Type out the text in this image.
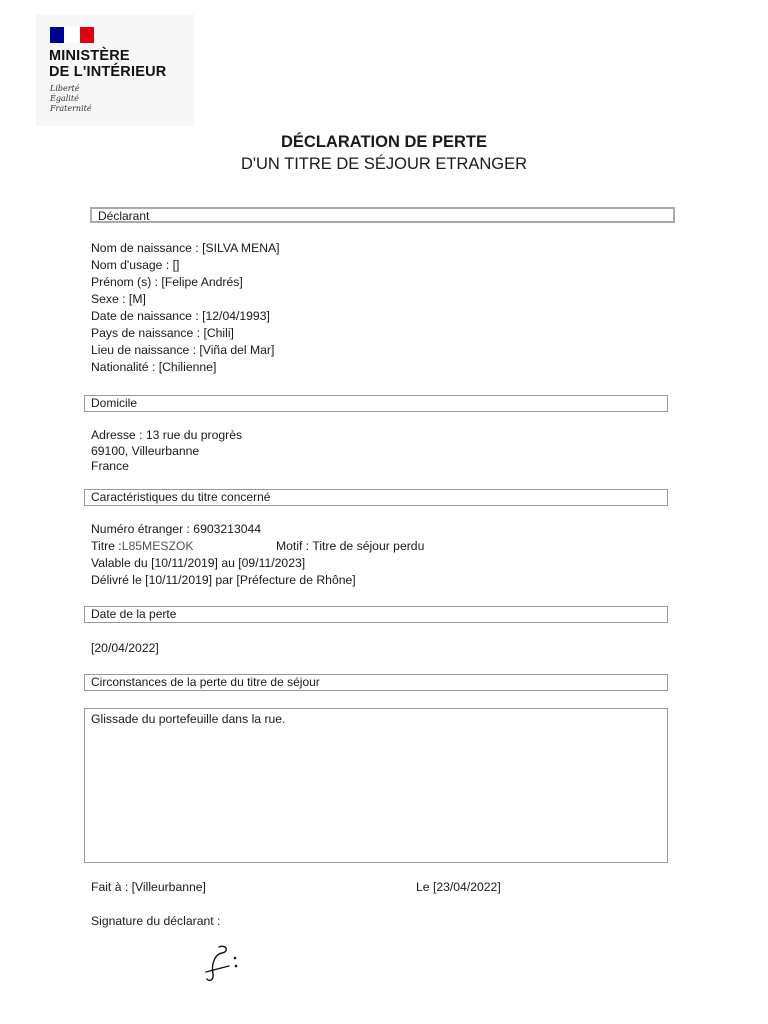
MINISTÈRE
DE L'INTÉRIEUR
Liberté
Égalité
Fraternité
DÉCLARATION DE PERTE
D'UN TITRE DE SÉJOUR ETRANGER
Déclarant
Nom de naissance : [SILVA MENA]
Nom d'usage : []
Prénom (s) : [Felipe Andrés]
Sexe : [M]
Date de naissance : [12/04/1993]
Pays de naissance : [Chili]
Lieu de naissance : [Viña del Mar]
Nationalité : [Chilienne]
Domicile
Adresse : 13 rue du progrès
69100, Villeurbanne
France
Caractéristiques du titre concerné
Numéro étranger : 6903213044
Titre :L85MESZOK	Motif : Titre de séjour perdu
Valable du [10/11/2019] au [09/11/2023]
Délivré le [10/11/2019] par [Préfecture de Rhône]
Date de la perte
[20/04/2022]
Circonstances de la perte du titre de séjour
Glissade du portefeuille dans la rue.
Fait à : [Villeurbanne]	Le [23/04/2022]
Signature du déclarant :
